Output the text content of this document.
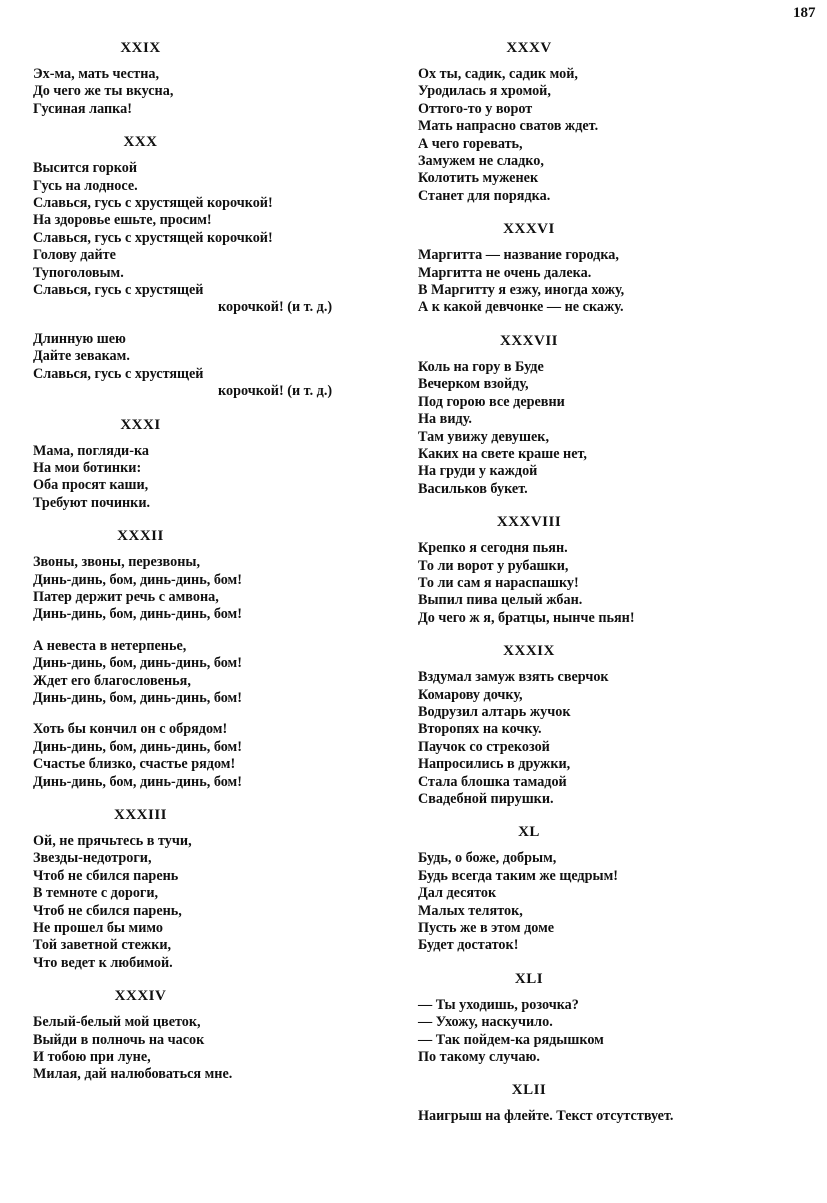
187
XXIX
Эх-ма, мать честна,
До чего же ты вкусна,
Гусиная лапка!
XXX
Высится горкой
Гусь на лодносе.
Славься, гусь с хрустящей корочкой!
На здоровье ешьте, просим!
Славься, гусь с хрустящей корочкой!
Голову дайте
Тупоголовым.
Славься, гусь с хрустящей
корочкой! (и т. д.)
Длинную шею
Дайте зевакам.
Славься, гусь с хрустящей
корочкой! (и т. д.)
XXXI
Мама, погляди-ка
На мои ботинки:
Оба просят каши,
Требуют починки.
XXXII
Звоны, звоны, перезвоны,
Динь-динь, бом, динь-динь, бом!
Патер держит речь с амвона,
Динь-динь, бом, динь-динь, бом!
А невеста в нетерпенье,
Динь-динь, бом, динь-динь, бом!
Ждет его благословенья,
Динь-динь, бом, динь-динь, бом!
Хоть бы кончил он с обрядом!
Динь-динь, бом, динь-динь, бом!
Счастье близко, счастье рядом!
Динь-динь, бом, динь-динь, бом!
XXXIII
Ой, не прячьтесь в тучи,
Звезды-недотроги,
Чтоб не сбился парень
В темноте с дороги,
Чтоб не сбился парень,
Не прошел бы мимо
Той заветной стежки,
Что ведет к любимой.
XXXIV
Белый-белый мой цветок,
Выйди в полночь на часок
И тобою при луне,
Милая, дай налюбоваться мне.
XXXV
Ох ты, садик, садик мой,
Уродилась я хромой,
Оттого-то у ворот
Мать напрасно сватов ждет.
А чего горевать,
Замужем не сладко,
Колотить муженек
Станет для порядка.
XXXVI
Маргитта — название городка,
Маргитта не очень далека.
В Маргитту я езжу, иногда хожу,
А к какой девчонке — не скажу.
XXXVII
Коль на гору в Буде
Вечерком взойду,
Под горою все деревни
На виду.
Там увижу девушек,
Каких на свете краше нет,
На груди у каждой
Васильков букет.
XXXVIII
Крепко я сегодня пьян.
То ли ворот у рубашки,
То ли сам я нараспашку!
Выпил пива целый жбан.
До чего ж я, братцы, нынче пьян!
XXXIX
Вздумал замуж взять сверчок
Комарову дочку,
Водрузил алтарь жучок
Второпях на кочку.
Паучок со стрекозой
Напросились в дружки,
Стала блошка тамадой
Свадебной пирушки.
XL
Будь, о боже, добрым,
Будь всегда таким же щедрым!
Дал десяток
Малых теляток,
Пусть же в этом доме
Будет достаток!
XLI
— Ты уходишь, розочка?
— Ухожу, наскучило.
— Так пойдем-ка рядышком
По такому случаю.
XLII
Наигрыш на флейте. Текст отсутствует.
